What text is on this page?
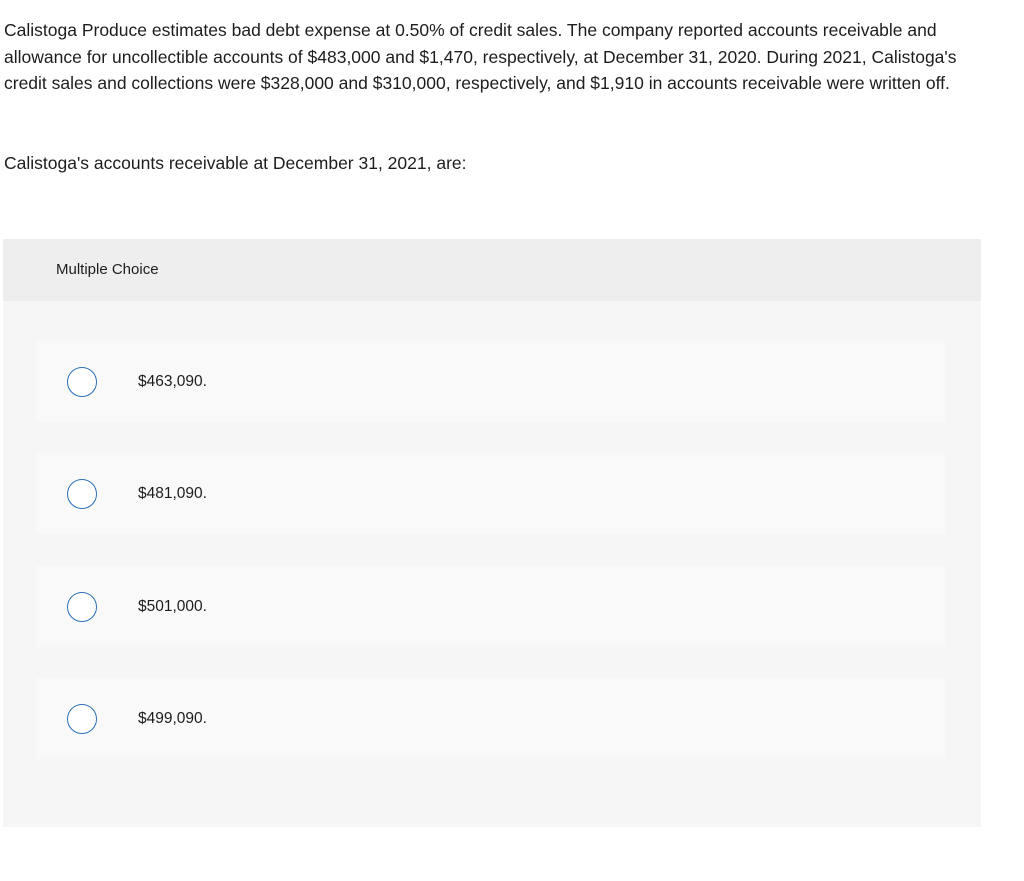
Calistoga Produce estimates bad debt expense at 0.50% of credit sales. The company reported accounts receivable and allowance for uncollectible accounts of $483,000 and $1,470, respectively, at December 31, 2020. During 2021, Calistoga's credit sales and collections were $328,000 and $310,000, respectively, and $1,910 in accounts receivable were written off.

Calistoga's accounts receivable at December 31, 2021, are:

Multiple Choice
$463,090.
$481,090.
$501,000.
$499,090.
